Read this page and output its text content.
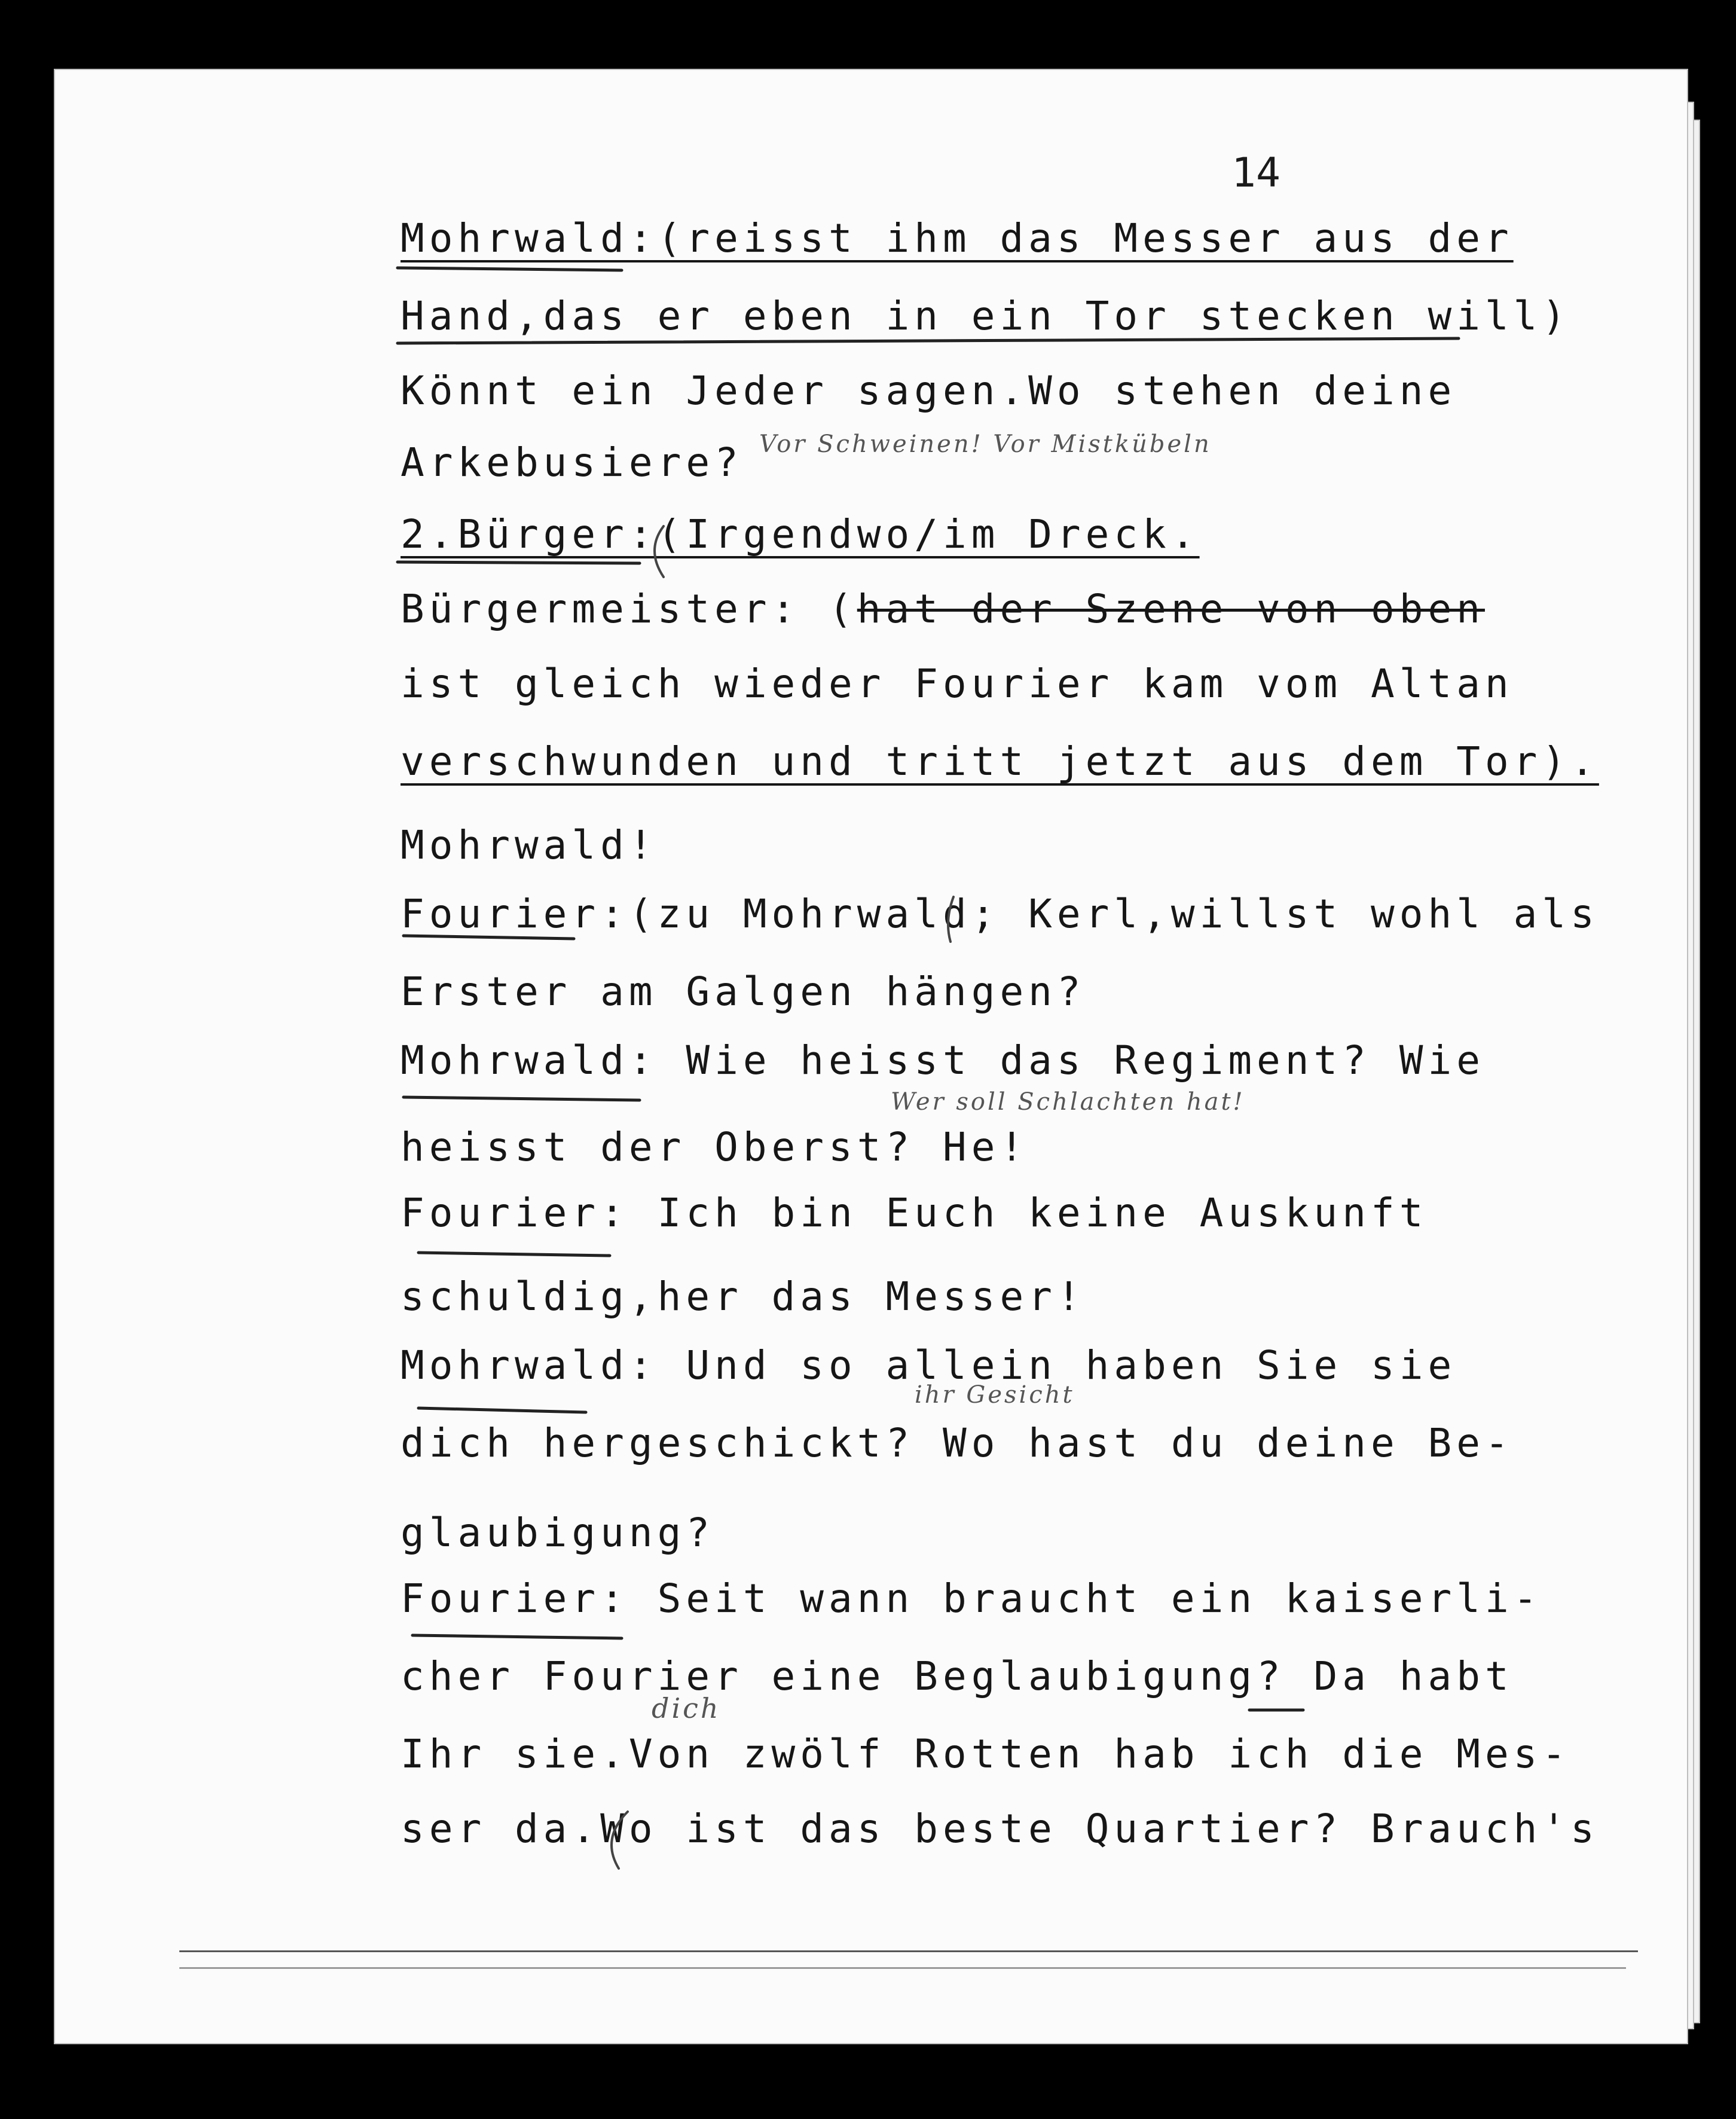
14
Mohrwald:(reisst ihm das Messer aus der
Hand,das er eben in ein Tor stecken will)
Könnt ein Jeder sagen.Wo stehen deine
Arkebusiere?
2.Bürger:(Irgendwo/im Dreck.
Bürgermeister: (hat der Szene von oben
ist gleich wieder Fourier kam vom Altan
verschwunden und tritt jetzt aus dem Tor).
Mohrwald!
Fourier:(zu Mohrwald; Kerl,willst wohl als
Erster am Galgen hängen?
Mohrwald: Wie heisst das Regiment? Wie
heisst der Oberst? He!
Fourier: Ich bin Euch keine Auskunft
schuldig,her das Messer!
Mohrwald: Und so allein haben Sie sie
dich hergeschickt? Wo hast du deine Be-
glaubigung?
Fourier: Seit wann braucht ein kaiserli-
cher Fourier eine Beglaubigung? Da habt
Ihr sie.Von zwölf Rotten hab ich die Mes-
ser da.Wo ist das beste Quartier? Brauch's
Vor Schweinen! Vor Mistkübeln
Wer soll Schlachten hat!
ihr Gesicht
dich
